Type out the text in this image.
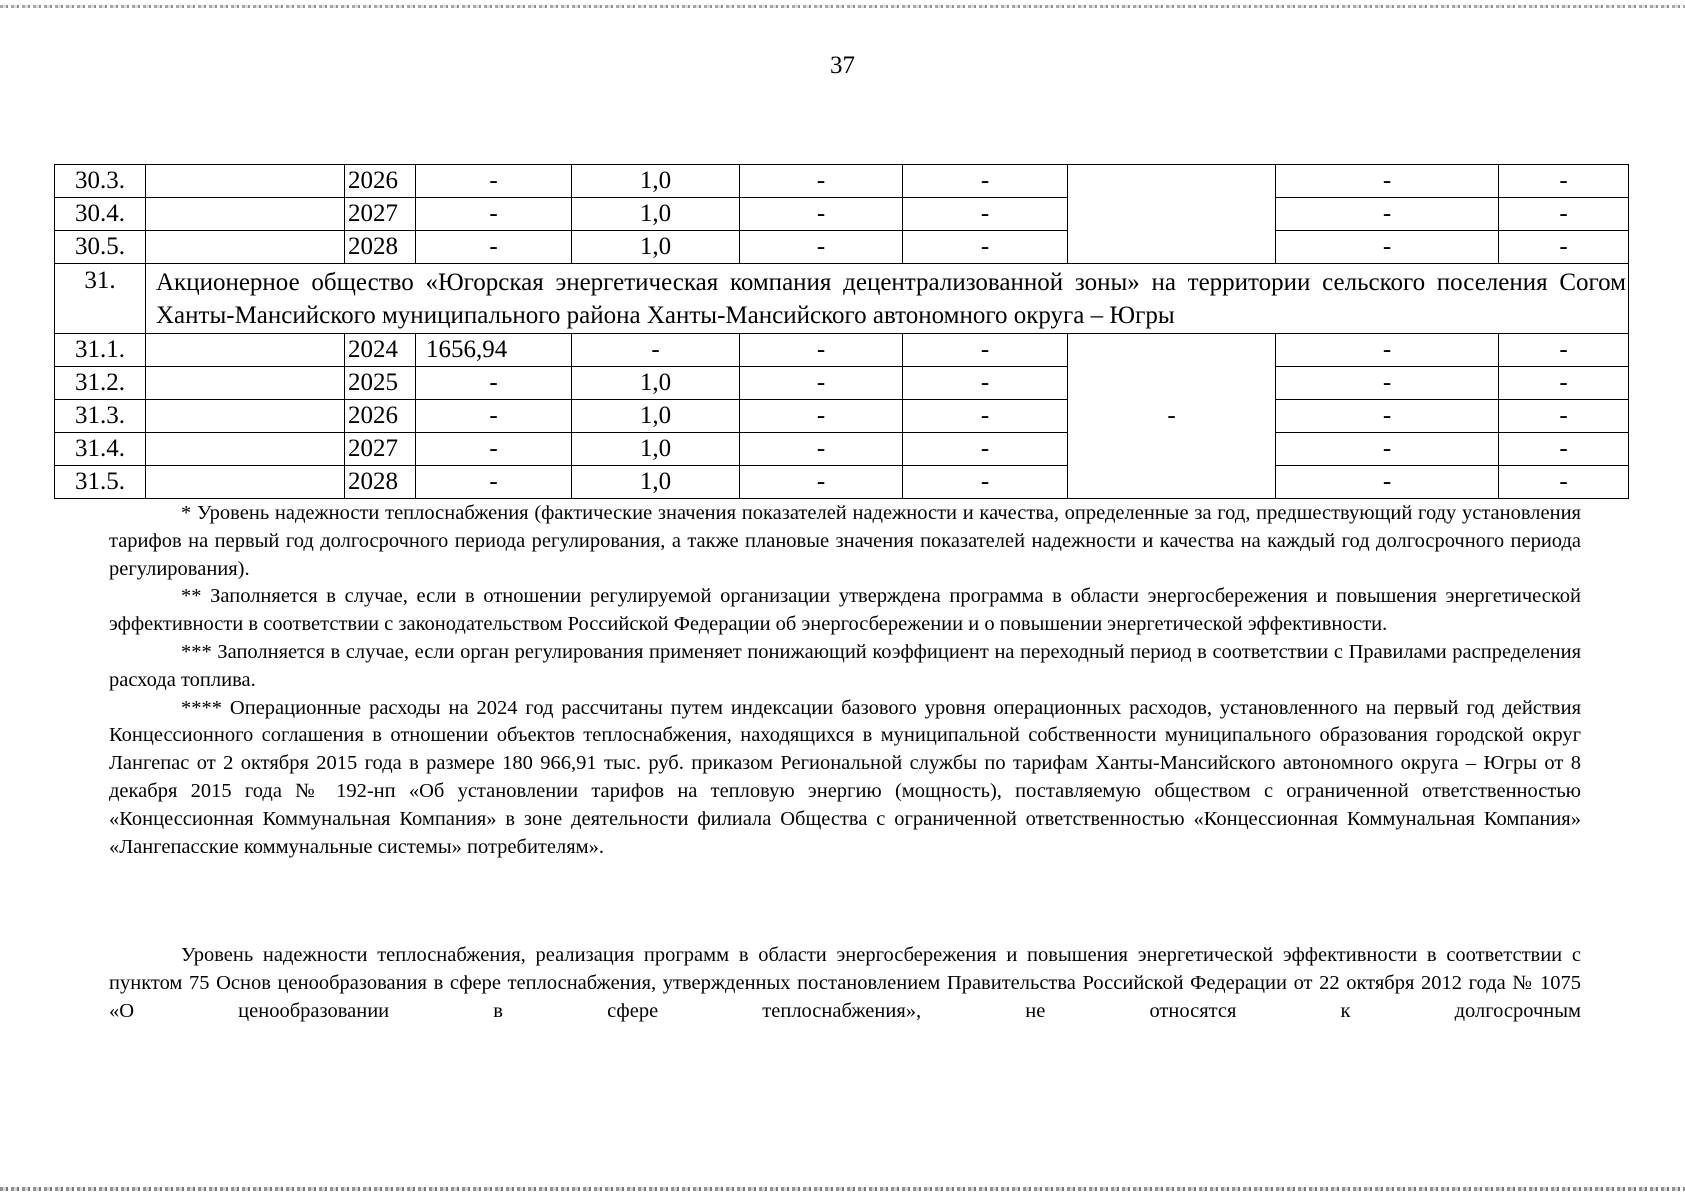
37
30.3.		2026	-	1,0	-	-		-	-
30.4.		2027	-	1,0	-	-		-	-
30.5.		2028	-	1,0	-	-		-	-
31.	Акционерное общество «Югорская энергетическая компания децентрализованной зоны» на территории сельского поселения Согом Ханты-Мансийского муниципального района Ханты-Мансийского автономного округа – Югры								
31.1.		2024	1656,94	-	-	-	-	-	-
31.2.		2025	-	1,0	-	-		-	-
31.3.		2026	-	1,0	-	-		-	-
31.4.		2027	-	1,0	-	-		-	-
31.5.		2028	-	1,0	-	-		-	-

* Уровень надежности теплоснабжения (фактические значения показателей надежности и качества, определенные за год, предшествующий году установления тарифов на первый год долгосрочного периода регулирования, а также плановые значения показателей надежности и качества на каждый год долгосрочного периода регулирования).

** Заполняется в случае, если в отношении регулируемой организации утверждена программа в области энергосбережения и повышения энергетической эффективности в соответствии с законодательством Российской Федерации об энергосбережении и о повышении энергетической эффективности.

*** Заполняется в случае, если орган регулирования применяет понижающий коэффициент на переходный период в соответствии с Правилами распределения расхода топлива.

**** Операционные расходы на 2024 год рассчитаны путем индексации базового уровня операционных расходов, установленного на первый год действия Концессионного соглашения в отношении объектов теплоснабжения, находящихся в муниципальной собственности муниципального образования городской округ Лангепас от 2 октября 2015 года в размере 180 966,91 тыс. руб. приказом Региональной службы по тарифам Ханты-Мансийского автономного округа – Югры от 8 декабря 2015 года № 192-нп «Об установлении тарифов на тепловую энергию (мощность), поставляемую обществом с ограниченной ответственностью «Концессионная Коммунальная Компания» в зоне деятельности филиала Общества с ограниченной ответственностью «Концессионная Коммунальная Компания» «Лангепасские коммунальные системы» потребителям».

Уровень надежности теплоснабжения, реализация программ в области энергосбережения и повышения энергетической эффективности в соответствии с пунктом 75 Основ ценообразования в сфере теплоснабжения, утвержденных постановлением Правительства Российской Федерации от 22 октября 2012 года № 1075 «О ценообразовании в сфере теплоснабжения», не относятся к долгосрочным
